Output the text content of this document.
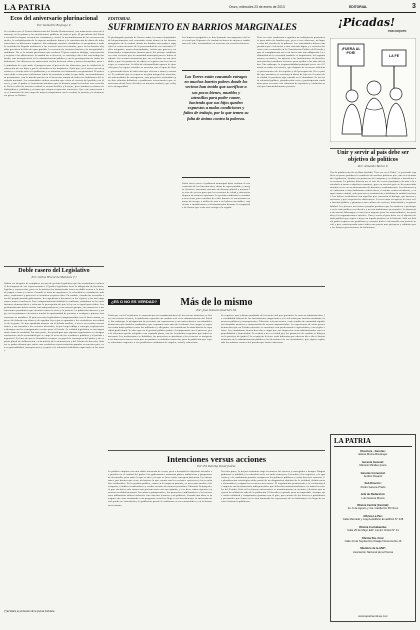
LA PATRIA	Oruro, miércoles 23 de enero de 2013	EDITORIAL	3
Ecos del aniversario plurinacional
Por: Demetrio Reynaga V.
Se celebró ayer el Cuarto Aniversario del Estado Plurinacional, con numerosos actos de homenaje en las plazas y las instituciones públicas de todo el país. El presidente del Estado recordó los logros en materia económica y social, la nacionalización de los recursos naturales, la redistribución de la riqueza mediante bonos y la construcción de obras de infraestructura en diferentes regiones. Sin embargo, muchos ciudadanos se preguntan si todo lo señalado ha llegado realmente a los sectores más necesitados, pues en los barrios alejados persisten la falta de agua potable, la carencia de servicios básicos y la inseguridad ciudadana. No es lo mismo proclamar que realizar. El país requiere diálogo, concertación y respeto a las diferencias; la unidad no se decreta, se construye día a día con trabajo honrado, con transparencia en la administración pública y con la participación de todos los bolivianos. Los discursos de aniversario suelen destacar cifras y metas alcanzadas, pero el ciudadano de a pie mide el progreso por el precio de los alimentos, por la calidad de la educación de sus hijos y por la atención en los hospitales. Ojalá que en el nuevo año de gestión se escuche más a la población y se atiendan sus demandas con prontitud. El aniversario debe servir para reflexionar sobre lo avanzado y sobre lo que falta, sin triunfalismos ni pesimismos, con la mirada puesta en el bienestar común de todos los habitantes del territorio nacional. Las autoridades deben recordar que están al servicio del pueblo y no al revés, y que el poder es transitorio mientras que la historia juzga los hechos con severidad. En las calles de nuestra ciudad se vieron desfiles y festejos, pero también reclamos de trabajadores, jubilados y vecinos que exigen respuestas concretas. Que este aniversario sea el comienzo de una etapa de mayor compromiso con la verdad, la justicia y la democracia plena en Bolivia.
Doble rasero del Legislativo
Por: Carlos Brocal de Mendoza (*)
Podría ser después de cumplirse un año de gestión legislativa que los ciudadanos evalúen el desempeño de sus representantes. El poder legislativo tiene la obligación de fiscalizar, legislar y representar, pero en la práctica ha demostrado tener un doble rasero a la hora de juzgar a unos y a otros. Cuando se trata de opositores, la celeridad es asombrosa: informes, comisiones y procesos se tramitan en pocos días. En cambio, cuando los acusados son del propio partido gobernante, los expedientes duermen en los cajones y las investigaciones nunca concluyen. Este comportamiento debilita la confianza ciudadana en las instituciones democráticas y refuerza la percepción de que la ley no es igual para todos. Los parlamentarios deben actuar con independencia y con criterio propio, sin someterse a instrucciones partidarias que atentan contra la ética y la justicia. La población observa y juzga; en las próximas elecciones tendrá la oportunidad de premiar o castigar a quienes traicionaron su mandato. El país necesita legisladores comprometidos con el bien común, capaces de debatir con altura y de aprobar leyes que respondan a las verdaderas necesidades de la gente. Se han aprobado normas sin el debido análisis, a veces en sesiones maratónicas y sin consulta a los sectores afectados, lo que luego obliga a corregir, reglamentar o derogar con los consiguientes costos para el Estado. La calidad legislativa es tan importante como la cantidad. Por otra parte, los privilegios que algunos legisladores se otorgan contrastan con la austeridad que se exige al resto de los servidores públicos y al pueblo en general. Es hora de que la Asamblea recupere su papel de contrapeso del poder y de espacio plural de deliberación, en beneficio de la democracia y del Estado de derecho. Solo así se podrá afirmar que existe una verdadera representación popular en nuestro país, con responsabilidad, transparencia y respeto a la voluntad ciudadana expresada en las urnas.
(*) El Diario es el decano de la prensa boliviana
EDITORIAL
SUFRIMIENTO EN BARRIOS MARGINALES
El prolongado periodo de lluvias sobre las zonas deprimidas del departamento está causando serios daños en los barrios marginales de la ciudad, donde las familias más pobres soportan las consecuencias de la precariedad de sus viviendas. Calles anegadas, muros derrumbados, techos que gotean y enfermedades respiratorias forman parte del paisaje cotidiano en estos sectores que la autoridad municipal parece haber olvidado. Los vecinos denuncian que sus reclamos no son atendidos y que las promesas de obras se repiten año tras año sin que se concreten. La falta de alcantarillado agrava la situación pues las aguas servidas se mezclan con el agua de lluvia, generando focos de infección que afectan a niños y ancianos. Es evidente que se requiere un plan integral de atención, no solo medidas de emergencia, sino proyectos sostenibles que den solución definitiva a problemas estructurales que se arrastran desde hace décadas en nuestra ciudad y que reflejan la desigualdad.
Los barrios marginales se han formado con migrantes del área rural que llegaron a la ciudad en busca de mejores condiciones de vida, asentándose en terrenos sin servicios básicos.
Las Torres están causando estragos en muchos barrios pobres donde los vecinos han tenido que sacrificar a sus pocos bienes, muebles y utensilios para poder comer, haciendo que sus hijos queden expuestos a malas condiciones y faltos de trabajo, por lo que temen su falta de ánimo contra la pobreza.
Entre otras cosas el gobierno municipal debe realizar el saneamiento de los loteamientos, dotar de agua potable y energía eléctrica, construir sistemas de drenaje pluvial y mejorar las vías de acceso para que los servicios de salud y educación lleguen de manera oportuna. La gestión ambiental es también necesaria, pues muchos de estos barrios se encuentran en zonas de riesgo, a orillas de ríos o en laderas inestables, expuestos a inundaciones y deslizamientos durante la temporada de lluvias que cada año castiga a la región.
Vivir en estas condiciones significa un sufrimiento permanente para miles de familias que, pese a sus esfuerzos, no logran salir del círculo de la pobreza. Las autoridades deben comprender que el derecho a una vivienda digna y a servicios básicos está reconocido en la Constitución Política del Estado y que su cumplimiento no es un favor sino una obligación. La solidaridad de la sociedad también es importante; las organizaciones vecinales, las iglesias y las instituciones de beneficencia pueden coordinar acciones para ayudar a los más afectados. Sin embargo, la responsabilidad principal recae en el Estado en todos sus niveles, que dispone de recursos suficientes provenientes de las regalías y del presupuesto. No es posible que mientras se construyen obras de lujo en el centro de la ciudad, la periferia siga sumida en el abandono. Se necesita voluntad política, planificación seria y participación ciudadana para revertir esta situación de injusticia y exclusión social que lamentablemente persiste.
¿ES O NO ES VERDAD?	Más de lo mismo
Por: José Gonzalo Guerrero M.
Dado que en la Presidencia se anunció que los nombramientos de los nuevos ministros se harán con criterio técnico, la población esperaba un cambio real en la administración del Estado. Sin embargo, la designación de personas sin experiencia y con antecedentes cuestionables demuestra que nada ha cambiado y que seguimos ante más de lo mismo. Los cargos se reparten como botín político entre los militantes y allegados, sin considerar la idoneidad ni la capacidad profesional. Se dice que en la gestión pública prima el compromiso con el proceso, pero la eficiencia queda relegada a un segundo plano, con los resultados negativos que todos conocemos. Las instituciones se debilitan, los proyectos se paralizan y los recursos se malgastan en burocracia innecesaria que no produce resultados concretos para la población que espera soluciones urgentes a sus problemas cotidianos de empleo, salud y educación.
Se requiere una reforma profunda del servicio civil que garantice la carrera administrativa, la estabilidad laboral de los funcionarios competentes y la selección por méritos mediante concursos públicos y transparentes. Mientras esto no ocurra, cada cambio de autoridad significará despidos masivos y contratación de nuevos improvisados. La experiencia de otros países demuestra que un Estado eficiente se construye con profesionales capacitados y con reglas claras. Los ciudadanos tienen derecho a exigir que sus impuestos sean administrados con responsabilidad y honestidad. Es verdad o no es verdad que las promesas de cambio se diluyen en la práctica del poder? La respuesta la tiene cada boliviano que observa día a día el funcionamiento de la administración pública y las decisiones de sus autoridades, que siguen repitiendo los mismos errores del pasado que tanto criticaron.
Intenciones versus acciones
Por: Ed Deming David Juárez
La política empieza con una noble intención de servir, pero a menudo los objetivos iniciales se pierden en el camino del poder. Los gobernantes anuncian planes ambiciosos y programas de desarrollo, pero entre lo que se dice y lo que se hace existe una gran distancia. Las intenciones, por buenas que sean, no bastan; lo que cuenta son las acciones concretas y los resultados verificables. En la gestión pública, como en la empresa privada, es necesario medir el desempeño, establecer indicadores y rendir cuentas de manera periódica. Edwards Deming decía que sin datos solo somos una persona más con una opinión, y esa frase cobra vigencia en nuestra realidad nacional. Los planes quinquenales, los proyectos emblemáticos y las inversiones millonarias deben evaluarse con criterios técnicos y no políticos. Cuando una obra se inaugura sin estar terminada o un programa social no llega a sus beneficiarios, la intención inicial queda en entredicho y la población pierde la confianza en sus autoridades y en la democracia misma.
Por otra parte, la mejora continua exige reconocer los errores y corregirlos a tiempo. Ningún gobierno es infalible y la soberbia suele ser mala consejera. Escuchar a los expertos, a la oposición y a la ciudadanía permite enriquecer las políticas públicas y evitar fracasos costosos. La planificación estratégica debe partir de un diagnóstico objetivo de la realidad, definir metas alcanzables y asignar los recursos necesarios. El seguimiento permanente y la evaluación de impacto son herramientas indispensables que deberían institucionalizarse en todos los niveles del Estado. Solo así las buenas intenciones se transformarán en acciones efectivas que mejoren la calidad de vida de la población. El desafío es grande pero no imposible, siempre que exista voluntad y compromiso genuino con el país, por encima de los intereses partidarios y personales que tantas veces han frustrado las esperanzas de los bolivianos a lo largo de nuestra historia republicana.
¡Picadas!
POR COQUITO
¡FUERA AL POR!
LA FE
Unir y servir al país debe ser objetivo de políticos
Por: Armando Marca V.
Con la publicación de un libro titulado "Una vez en el Poder" se pretende explicar en pocas palabras la conducta de muchos políticos que, una vez alcanzado el gobierno, olvidan sus promesas de campaña y se dedican a beneficiar a su entorno. La política debería ser el arte de servir al prójimo y de unir a la sociedad en torno a objetivos comunes, pero en nuestro país se ha convertido muchas veces en un instrumento de división y confrontación. Los discursos que enfrentan a unos bolivianos contra otros, a oriente contra occidente, a campo contra ciudad, solo generan resentimiento y debilitan la unidad nacional. Los líderes verdaderos son aquellos que convocan al diálogo, que buscan consensos y que respetan las diferencias. Es necesario recuperar la ética en la función pública y promover una cultura de servicio, honestidad y responsabilidad. Los jóvenes necesitan ejemplos positivos que los motiven a participar en la vida política con ideales y no con ambiciones personales. La formación de nuevos liderazgos es una tarea urgente para las universidades, los partidos y las organizaciones sociales. Unir y servir al país debe ser el objetivo de todo político que aspire a dejar un legado positivo en la historia. Solo así Bolivia podrá superar sus problemas y avanzar hacia el desarrollo con justicia social y paz, construyendo entre todos una patria más próspera y solidaria para las futuras generaciones de bolivianos.
LA PATRIA
Directora - Gerente:
Eliana Rivera Boulanger
Gerente General:
Marcelo Miralles Iporre
Gerente Comercial:
Andrés Rosario
Sub Director:
Pedro Gareca Prado
Jefe de Redacción:
Luis Gareca Rivera
Oficina Central (Central):
Av. 6 de Agosto y 1ra. Casilla No 48 Oruro
Oficina La Paz:
Calle Mercado y Loayza Edificio Ex Edificio N° 348
Oficina Cochabamba:
Calle 25 de Mayo Edif. Centro Cristal N° 41
Oficina Sta. Cruz:
Calle 24 de Septiembre Pasaje Florencia No 16
Miembro de la ANP:
Asociación Nacional de la Prensa
www.lapatriaenlinea.com
